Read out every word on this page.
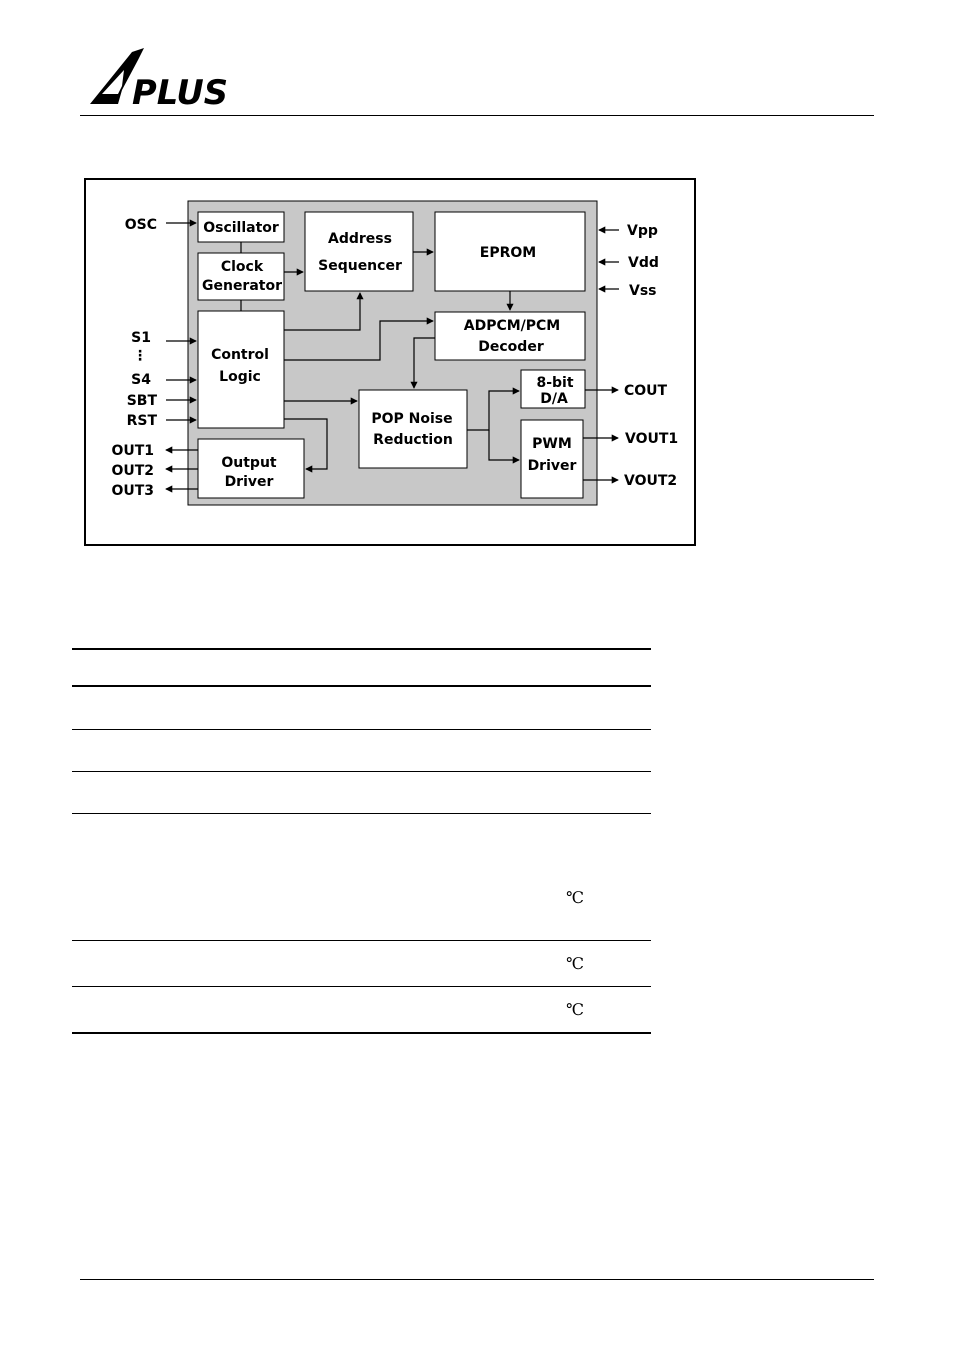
PLUS
Oscillator
Clock
Generator
Address
Sequencer
EPROM
Control
Logic
ADPCM/PCM
Decoder
8-bit
D/A
POP Noise
Reduction	PWM
Driver
Output
Driver
OSC
S1
⋮
S4
SBT
RST
OUT1
OUT2
OUT3
Vpp
Vdd
Vss
COUT
VOUT1
VOUT2
℃
℃
℃
